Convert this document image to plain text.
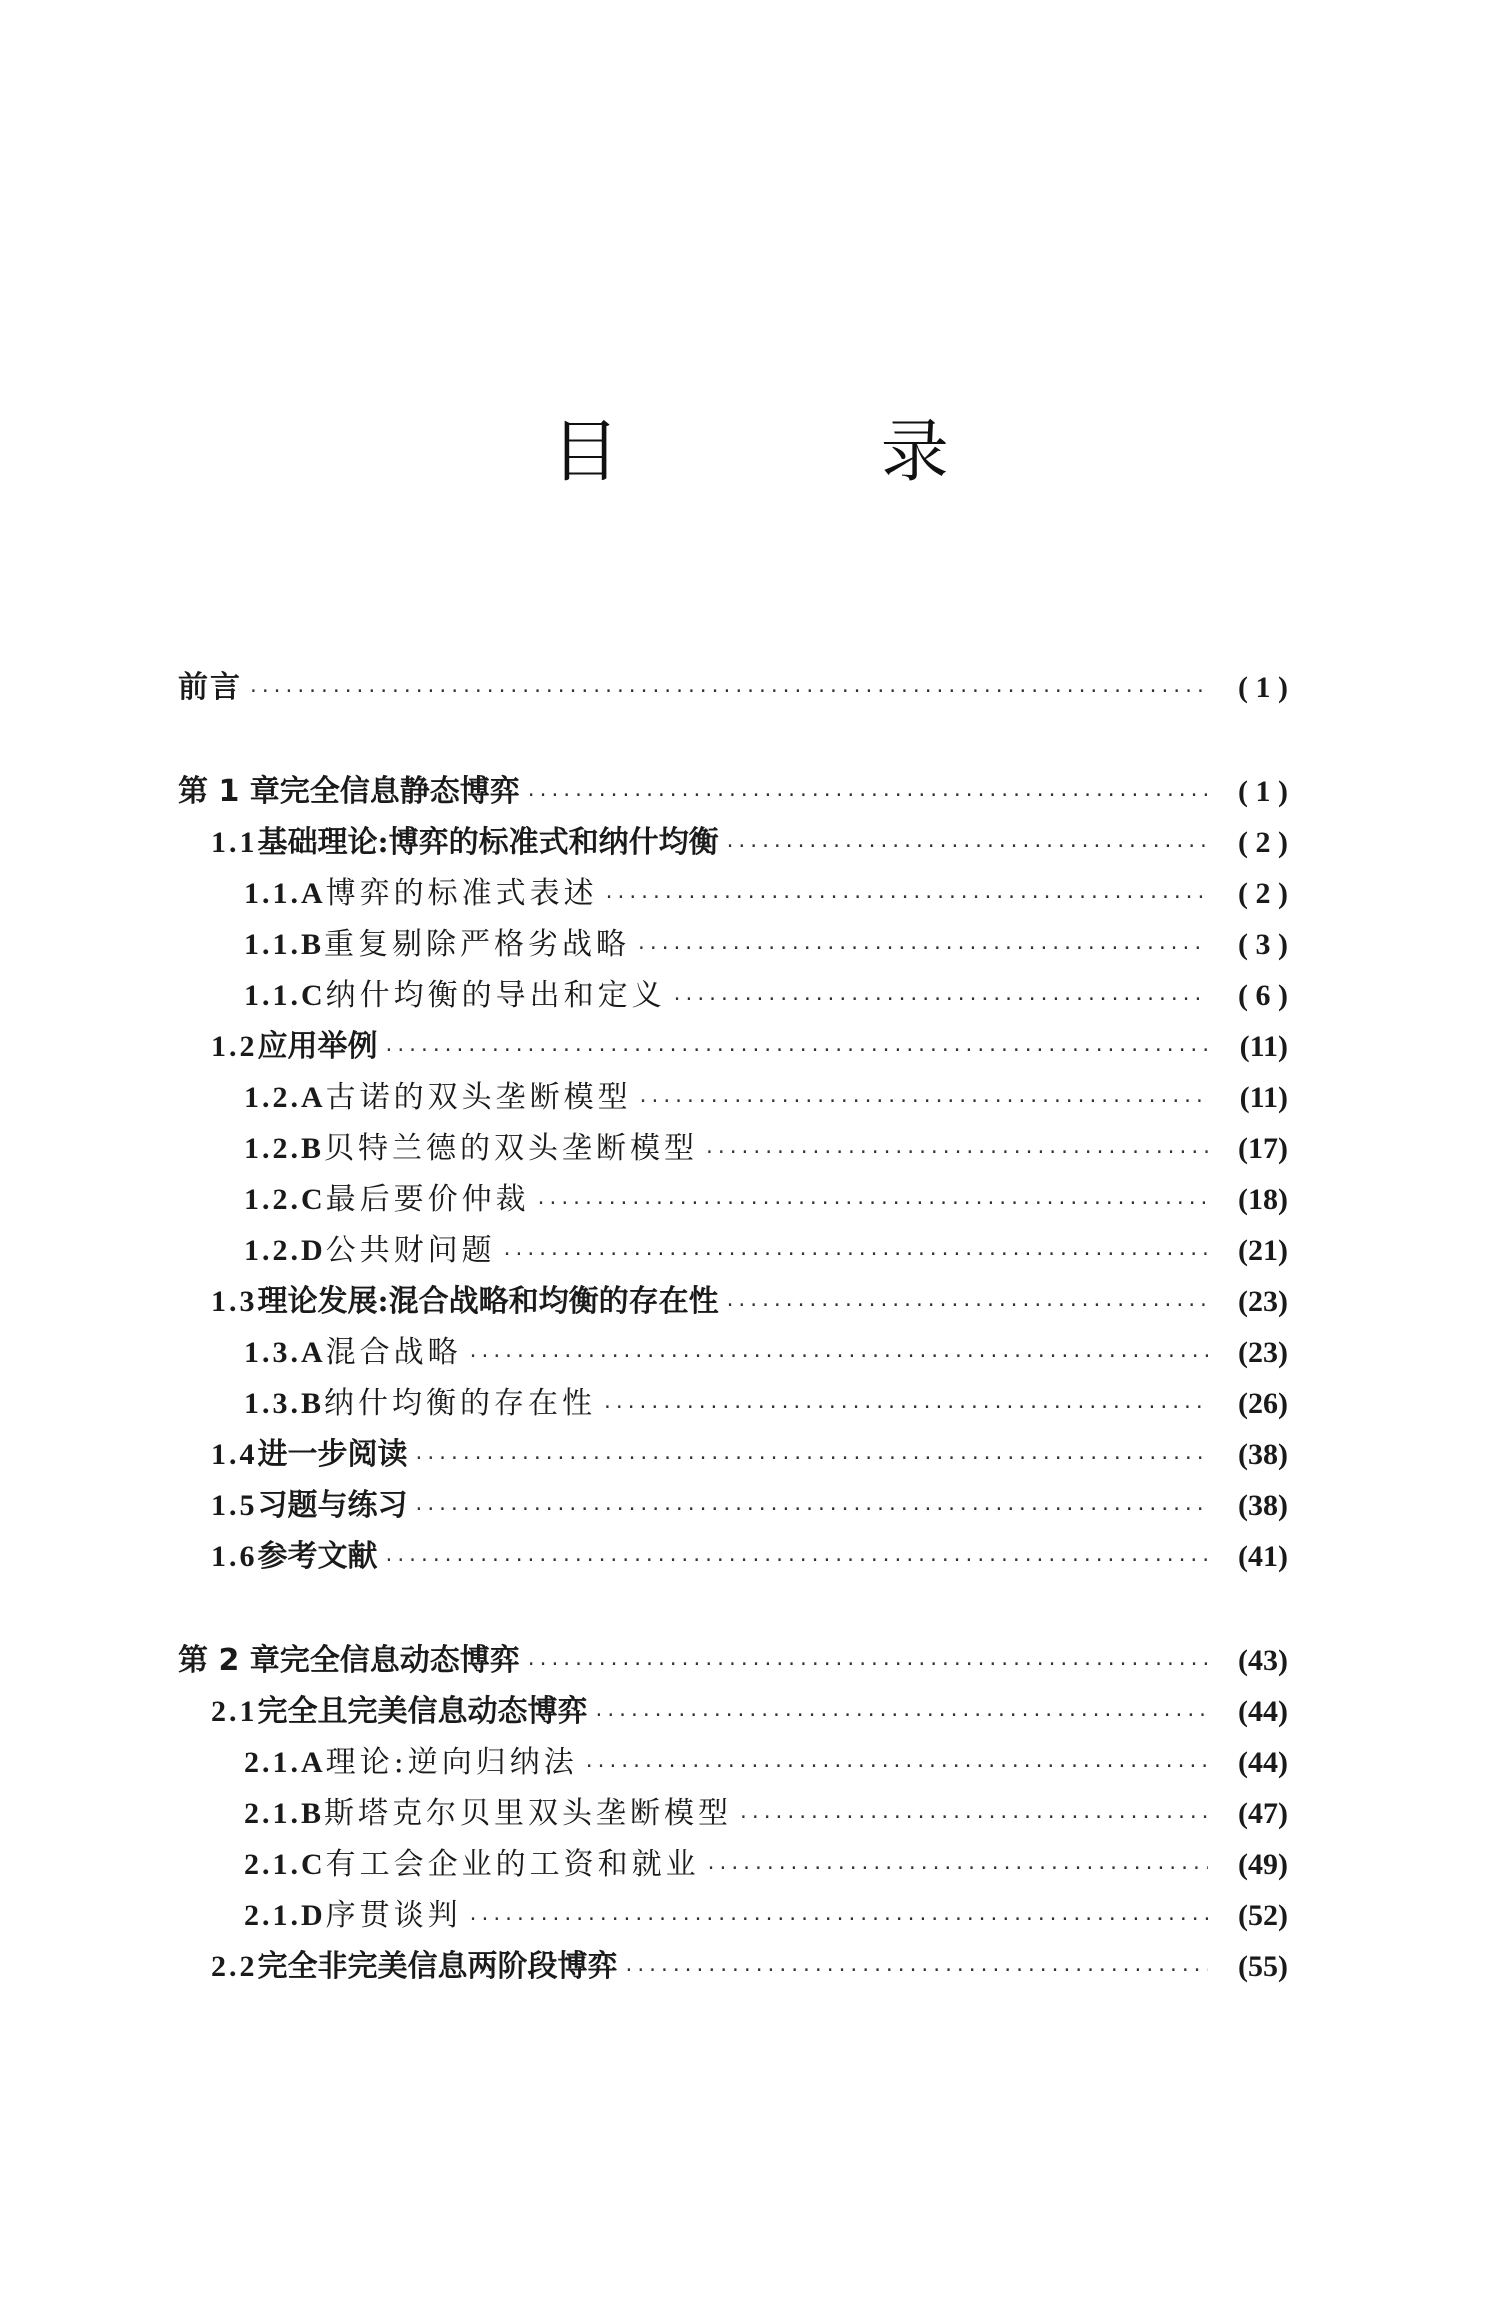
目 录
前言 ·····	( 1 )
第 1 章 完全信息静态博弈 ·····	( 1 )
1.1 基础理论:博弈的标准式和纳什均衡 ·····	( 2 )
1.1.A 博弈的标准式表述 ·····	( 2 )
1.1.B 重复剔除严格劣战略 ·····	( 3 )
1.1.C 纳什均衡的导出和定义 ·····	( 6 )
1.2 应用举例 ·····	(11)
1.2.A 古诺的双头垄断模型 ·····	(11)
1.2.B 贝特兰德的双头垄断模型 ·····	(17)
1.2.C 最后要价仲裁 ·····	(18)
1.2.D 公共财问题 ·····	(21)
1.3 理论发展:混合战略和均衡的存在性 ·····	(23)
1.3.A 混合战略 ·····	(23)
1.3.B 纳什均衡的存在性 ·····	(26)
1.4 进一步阅读 ·····	(38)
1.5 习题与练习 ·····	(38)
1.6 参考文献 ·····	(41)
第 2 章 完全信息动态博弈 ·····	(43)
2.1 完全且完美信息动态博弈 ·····	(44)
2.1.A 理论:逆向归纳法 ·····	(44)
2.1.B 斯塔克尔贝里双头垄断模型 ·····	(47)
2.1.C 有工会企业的工资和就业 ·····	(49)
2.1.D 序贯谈判 ·····	(52)
2.2 完全非完美信息两阶段博弈 ·····	(55)
